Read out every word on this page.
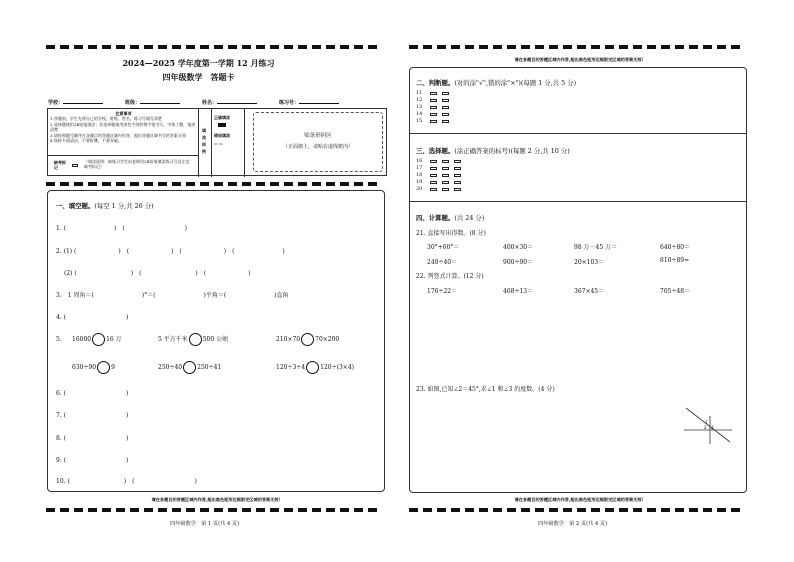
2024—2025 学年度第一学期 12 月练习
四年级数学　答题卡
学校：	班级：	姓名：	练习号：
注意事项
1.答题前，学生先将自己的学校、班级、姓名、练习号填写清楚
2.选择题使用2B铅笔填涂；非选择题使用黑色字迹的签字笔书写，字体工整，笔迹清楚
3.请按照题号顺序在各题目的答题区域内作答，超出答题区域书写的答案无效
4.保持卡面清洁，不要折叠，不要弄破。
缺考标记
（填涂说明：缺练习学生由老师用2B铅笔填涂练习号及左边缺考标记）
填涂样例
正确填涂
错误填涂
▭ ▭
贴条形码区
（正面朝上，请贴在虚线框内）
一、填空题。(每空 1 分,共 26 分)
1. (　　　　　　　　)　(　　　　　　　　　　)
2. (1) (　　　　　　　)　(　　　　　　　)　(　　　　　　　)　(　　　　　　　　)
(2) (　　　　　　　　　)　(　　　　　　　　　)　(　　　　　　　)
3.　1 周角＝(　　　　　　　　)°＝(　　　　　　　　)平角＝(　　　　　　　　)直角
4. (　　　　　　　　　　)
5. 16000	16 万	5 平方千米	500 公顷	210×70	70×200
630÷90	9	250÷40	250÷41	120÷3÷4	120÷(3×4)
6. (　　　　　　　　　　)
7. (　　　　　　　　　　)
8. (　　　　　　　　　　)
9. (　　　　　　　　　　)
10. (　　　　　　　　　)　(　　　　　　　　　　)
请在各题目的答题区域内作答,超出黑色矩形边框限定区域的答案无效!
四年级数学　第 1 页(共 4 页)
请在各题目的答题区域内作答,超出黑色矩形边框限定区域的答案无效!
二、判断题。(对的涂"√",错的涂"×")(每题 1 分,共 5 分)
11
12
13
14
15
三、选择题。(涂正确答案的标号)(每题 2 分,共 10 分)
16
17
18
19
20
四、计算题。(共 24 分)
21. 直接写出得数。(8 分)
30°+60°＝	400×30＝	98 万－45 万＝	640÷80＝
240÷40＝	900÷90＝	20×103＝	810÷89≈
22. 列竖式计算。(12 分)
176÷22＝	468÷13＝	367×45＝	705÷48＝
23. 如图,已知∠2＝45°,求∠1 和∠3 的度数。(4 分)
1
2 3
请在各题目的答题区域内作答,超出黑色矩形边框限定区域的答案无效!
四年级数学　第 2 页(共 4 页)
